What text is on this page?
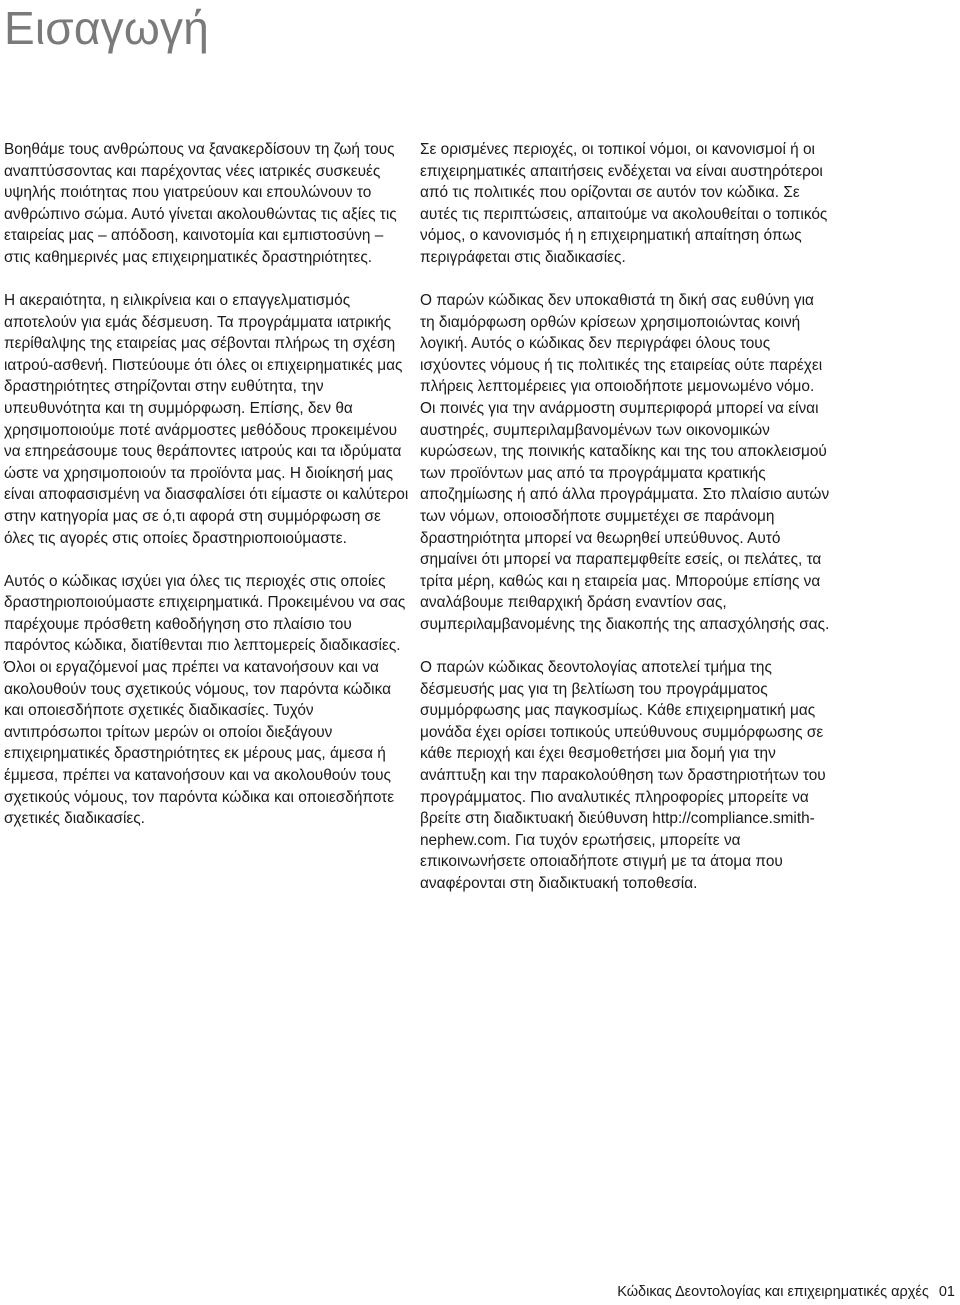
Εισαγωγή

Βοηθάμε τους ανθρώπους να ξανακερδίσουν τη ζωή τους αναπτύσσοντας και παρέχοντας νέες ιατρικές συσκευές υψηλής ποιότητας που γιατρεύουν και επουλώνουν το ανθρώπινο σώμα. Αυτό γίνεται ακολουθώντας τις αξίες τις εταιρείας μας – απόδοση, καινοτομία και εμπιστοσύνη – στις καθημερινές μας επιχειρηματικές δραστηριότητες.

Η ακεραιότητα, η ειλικρίνεια και ο επαγγελματισμός αποτελούν για εμάς δέσμευση. Τα προγράμματα ιατρικής περίθαλψης της εταιρείας μας σέβονται πλήρως τη σχέση ιατρού-ασθενή. Πιστεύουμε ότι όλες οι επιχειρηματικές μας δραστηριότητες στηρίζονται στην ευθύτητα, την υπευθυνότητα και τη συμμόρφωση. Επίσης, δεν θα χρησιμοποιούμε ποτέ ανάρμοστες μεθόδους προκειμένου να επηρεάσουμε τους θεράποντες ιατρούς και τα ιδρύματα ώστε να χρησιμοποιούν τα προϊόντα μας. Η διοίκησή μας είναι αποφασισμένη να διασφαλίσει ότι είμαστε οι καλύτεροι στην κατηγορία μας σε ό,τι αφορά στη συμμόρφωση σε όλες τις αγορές στις οποίες δραστηριοποιούμαστε.

Αυτός ο κώδικας ισχύει για όλες τις περιοχές στις οποίες δραστηριοποιούμαστε επιχειρηματικά. Προκειμένου να σας παρέχουμε πρόσθετη καθοδήγηση στο πλαίσιο του παρόντος κώδικα, διατίθενται πιο λεπτομερείς διαδικασίες. Όλοι οι εργαζόμενοί μας πρέπει να κατανοήσουν και να ακολουθούν τους σχετικούς νόμους, τον παρόντα κώδικα και οποιεσδήποτε σχετικές διαδικασίες. Τυχόν αντιπρόσωποι τρίτων μερών οι οποίοι διεξάγουν επιχειρηματικές δραστηριότητες εκ μέρους μας, άμεσα ή έμμεσα, πρέπει να κατανοήσουν και να ακολουθούν τους σχετικούς νόμους, τον παρόντα κώδικα και οποιεσδήποτε σχετικές διαδικασίες.

Σε ορισμένες περιοχές, οι τοπικοί νόμοι, οι κανονισμοί ή οι επιχειρηματικές απαιτήσεις ενδέχεται να είναι αυστηρότεροι από τις πολιτικές που ορίζονται σε αυτόν τον κώδικα. Σε αυτές τις περιπτώσεις, απαιτούμε να ακολουθείται ο τοπικός νόμος, ο κανονισμός ή η επιχειρηματική απαίτηση όπως περιγράφεται στις διαδικασίες.

Ο παρών κώδικας δεν υποκαθιστά τη δική σας ευθύνη για τη διαμόρφωση ορθών κρίσεων χρησιμοποιώντας κοινή λογική. Αυτός ο κώδικας δεν περιγράφει όλους τους ισχύοντες νόμους ή τις πολιτικές της εταιρείας ούτε παρέχει πλήρεις λεπτομέρειες για οποιοδήποτε μεμονωμένο νόμο. Οι ποινές για την ανάρμοστη συμπεριφορά μπορεί να είναι αυστηρές, συμπεριλαμβανομένων των οικονομικών κυρώσεων, της ποινικής καταδίκης και της του αποκλεισμού των προϊόντων μας από τα προγράμματα κρατικής αποζημίωσης ή από άλλα προγράμματα. Στο πλαίσιο αυτών των νόμων, οποιοσδήποτε συμμετέχει σε παράνομη δραστηριότητα μπορεί να θεωρηθεί υπεύθυνος. Αυτό σημαίνει ότι μπορεί να παραπεμφθείτε εσείς, οι πελάτες, τα τρίτα μέρη, καθώς και η εταιρεία μας. Μπορούμε επίσης να αναλάβουμε πειθαρχική δράση εναντίον σας, συμπεριλαμβανομένης της διακοπής της απασχόλησής σας.

Ο παρών κώδικας δεοντολογίας αποτελεί τμήμα της δέσμευσής μας για τη βελτίωση του προγράμματος συμμόρφωσης μας παγκοσμίως. Κάθε επιχειρηματική μας μονάδα έχει ορίσει τοπικούς υπεύθυνους συμμόρφωσης σε κάθε περιοχή και έχει θεσμοθετήσει μια δομή για την ανάπτυξη και την παρακολούθηση των δραστηριοτήτων του προγράμματος. Πιο αναλυτικές πληροφορίες μπορείτε να βρείτε στη διαδικτυακή διεύθυνση http://compliance.smith-nephew.com. Για τυχόν ερωτήσεις, μπορείτε να επικοινωνήσετε οποιαδήποτε στιγμή με τα άτομα που αναφέρονται στη διαδικτυακή τοποθεσία.

Κώδικας Δεοντολογίας και επιχειρηματικές αρχές 01
